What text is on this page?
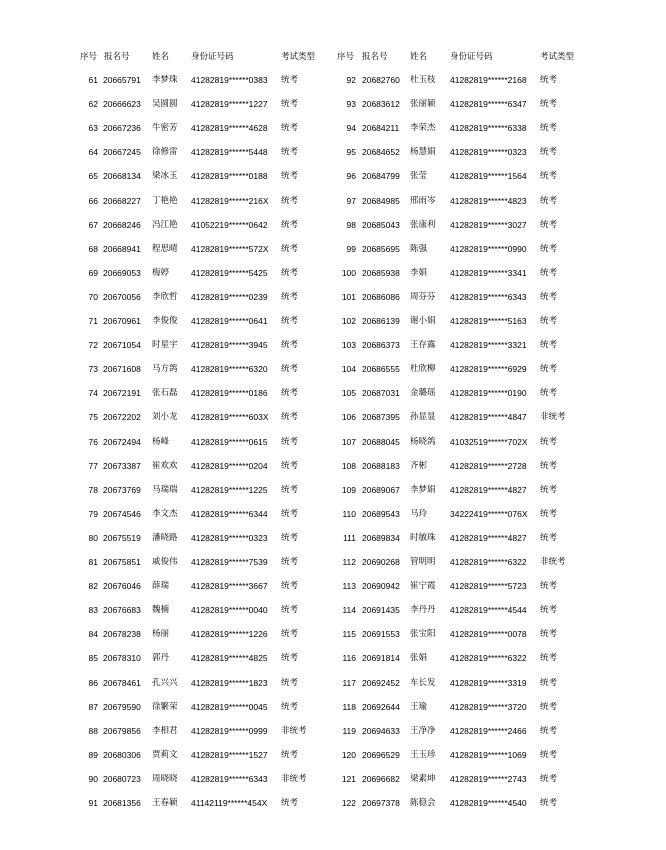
序号 报名号	姓名	身份证号码	考试类型	序号 报名号	姓名	身份证号码	考试类型
61 20665791 李梦珠 41282819******0383 统考
62 20666623 吴圆圆 41282819******1227 统考
63 20667236 牛密芳 41282819******4628 统考
64 20667245 徐修雷 41282819******5448 统考
65 20668134 梁冰玉 41282819******0188 统考
66 20668227 丁艳艳 41282819******216X 统考
67 20668246 冯江艳 41052219******0642 统考
68 20668941 程思晴 41282819******572X 统考
69 20669053 梅婷	41282819******5425 统考
70 20670056 李欣哲 41282819******0239 统考
71 20670961 李俊俊 41282819******0641 统考
72 20671054 时星宇 41282819******3945 统考
73 20671608 马方鸽 41282819******6320 统考
74 20672191 张石磊 41282819******0186 统考
75 20672202 刘小龙 41282819******603X 统考
76 20672494 杨峰	41282819******0615 统考
77 20673387 崔欢欢 41282819******0204 统考
78 20673769 马瑞瑞 41282819******1225 统考
79 20674546 李文杰 41282819******6344 统考
80 20675519 潘晓路 41282819******0323 统考
81 20675851 戚俊伟 41282819******7539 统考
82 20676046 薛瑞	41282819******3667 统考
83 20676683 魏楠	41282819******0040 统考
84 20678238 杨丽	41282819******1226 统考
85 20678310 郭丹	41282819******4825 统考
86 20678461 孔兴兴 41282819******1823 统考
87 20679590 徐繁荣 41282819******0045 统考
88 20679856 李相君 41282819******0999 非统考
89 20680306 贾莉文 41282819******1527 统考
90 20680723 周晓晓 41282819******6343 非统考
91 20681356 王春颖 41142119******454X 统考
92 20682760 杜玉枝 41282819******2168 统考
93 20683612 张丽颖 41282819******6347 统考
94 20684211 李荣杰 41282819******6338 统考
95 20684652 杨慧娟 41282819******0323 统考
96 20684799 张莹	41282819******1564 统考
97 20684985 邢雨岑 41282819******4823 统考
98 20685043 张康利 41282819******3027 统考
99 20685695 陈强	41282819******0990 统考
100 20685938 李娟	41282819******3341 统考
101 20686086 周芬芬 41282819******6343 统考
102 20686139 谢小娟 41282819******5163 统考
103 20686373 王存露 41282819******3321 统考
104 20686555 杜欣柳 41282819******6929 统考
105 20687031 金璐瑶 41282819******0190 统考
106 20687395 孙显显 41282819******4847 非统考
107 20688045 杨晓鸽 41032519******702X 统考
108 20688183 齐彬	41282819******2728 统考
109 20689067 李梦娟 41282819******4827 统考
110 20689543 马玲	34222419******076X 统考
111 20689834 时敏珠 41282819******4827 统考
112 20690268 管明明 41282819******6322 非统考
113 20690942 崔宁霞 41282819******5723 统考
114 20691435 李丹丹 41282819******4544 统考
115 20691553 张宝阳 41282819******0078 统考
116 20691814 张娟	41282819******6322 统考
117 20692452 车长发 41282819******3319 统考
118 20692644 王瑜	41282819******3720 统考
119 20694633 王净净 41282819******2466 统考
120 20696529 王玉珍 41282819******1069 统考
121 20696682 梁素坤 41282819******2743 统考
122 20697378 陈稳会 41282819******4540 统考
